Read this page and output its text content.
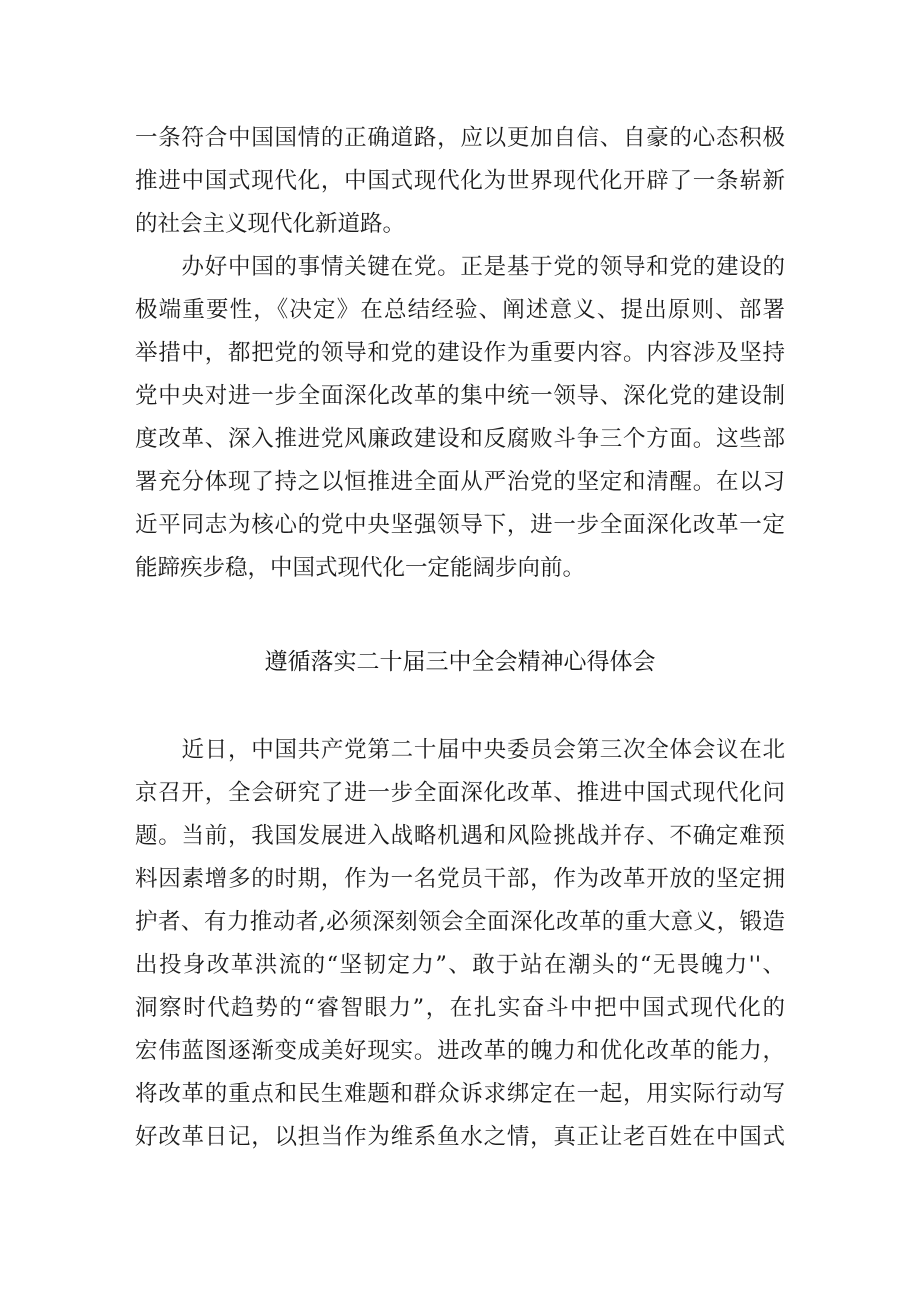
一条符合中国国情的正确道路，应以更加自信、自豪的心态积极
推进中国式现代化，中国式现代化为世界现代化开辟了一条崭新
的社会主义现代化新道路。
　　办好中国的事情关键在党。正是基于党的领导和党的建设的
极端重要性，《决定》在总结经验、阐述意义、提出原则、部署
举措中，都把党的领导和党的建设作为重要内容。内容涉及坚持
党中央对进一步全面深化改革的集中统一领导、深化党的建设制
度改革、深入推进党风廉政建设和反腐败斗争三个方面。这些部
署充分体现了持之以恒推进全面从严治党的坚定和清醒。在以习
近平同志为核心的党中央坚强领导下，进一步全面深化改革一定
能蹄疾步稳，中国式现代化一定能阔步向前。
遵循落实二十届三中全会精神心得体会
　　近日，中国共产党第二十届中央委员会第三次全体会议在北
京召开，全会研究了进一步全面深化改革、推进中国式现代化问
题。当前，我国发展进入战略机遇和风险挑战并存、不确定难预
料因素增多的时期，作为一名党员干部，作为改革开放的坚定拥
护者、有力推动者,必须深刻领会全面深化改革的重大意义，锻造
出投身改革洪流的“坚韧定力”、敢于站在潮头的“无畏魄力''、
洞察时代趋势的“睿智眼力”，在扎实奋斗中把中国式现代化的
宏伟蓝图逐渐变成美好现实。进改革的魄力和优化改革的能力，
将改革的重点和民生难题和群众诉求绑定在一起，用实际行动写
好改革日记，以担当作为维系鱼水之情，真正让老百姓在中国式
